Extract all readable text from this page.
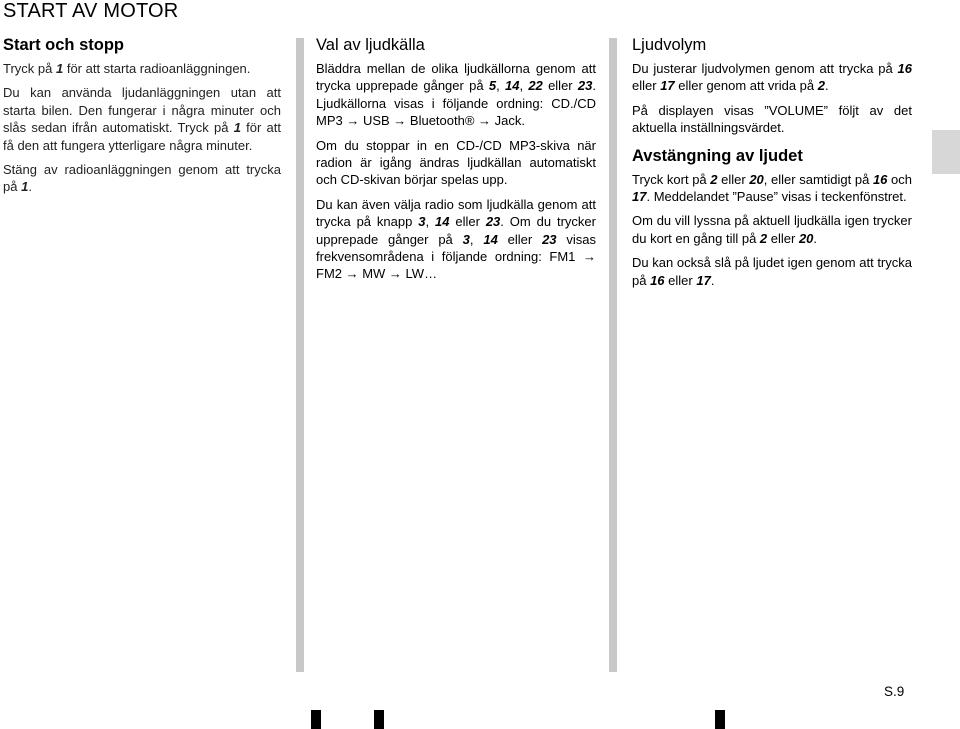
START AV MOTOR
Start och stopp

Tryck på 1 för att starta radioanläggningen.

Du kan använda ljudanläggningen utan att starta bilen. Den fungerar i några minuter och slås sedan ifrån automatiskt. Tryck på 1 för att få den att fungera ytterligare några minuter.

Stäng av radioanläggningen genom att trycka på 1.

Val av ljudkälla

Bläddra mellan de olika ljudkällorna genom att trycka upprepade gånger på 5, 14, 22 eller 23. Ljudkällorna visas i följande ordning: CD./CD MP3 → USB → Bluetooth® → Jack.

Om du stoppar in en CD-/CD MP3-skiva när radion är igång ändras ljudkällan automatiskt och CD-skivan börjar spelas upp.

Du kan även välja radio som ljudkälla genom att trycka på knapp 3, 14 eller 23. Om du trycker upprepade gånger på 3, 14 eller 23 visas frekvensområdena i följande ordning: FM1 → FM2 → MW → LW…

Ljudvolym

Du justerar ljudvolymen genom att trycka på 16 eller 17 eller genom att vrida på 2.

På displayen visas ”VOLUME” följt av det aktuella inställningsvärdet.

Avstängning av ljudet

Tryck kort på 2 eller 20, eller samtidigt på 16 och 17. Meddelandet ”Pause” visas i teckenfönstret.

Om du vill lyssna på aktuell ljudkälla igen trycker du kort en gång till på 2 eller 20.

Du kan också slå på ljudet igen genom att trycka på 16 eller 17.

S.9
